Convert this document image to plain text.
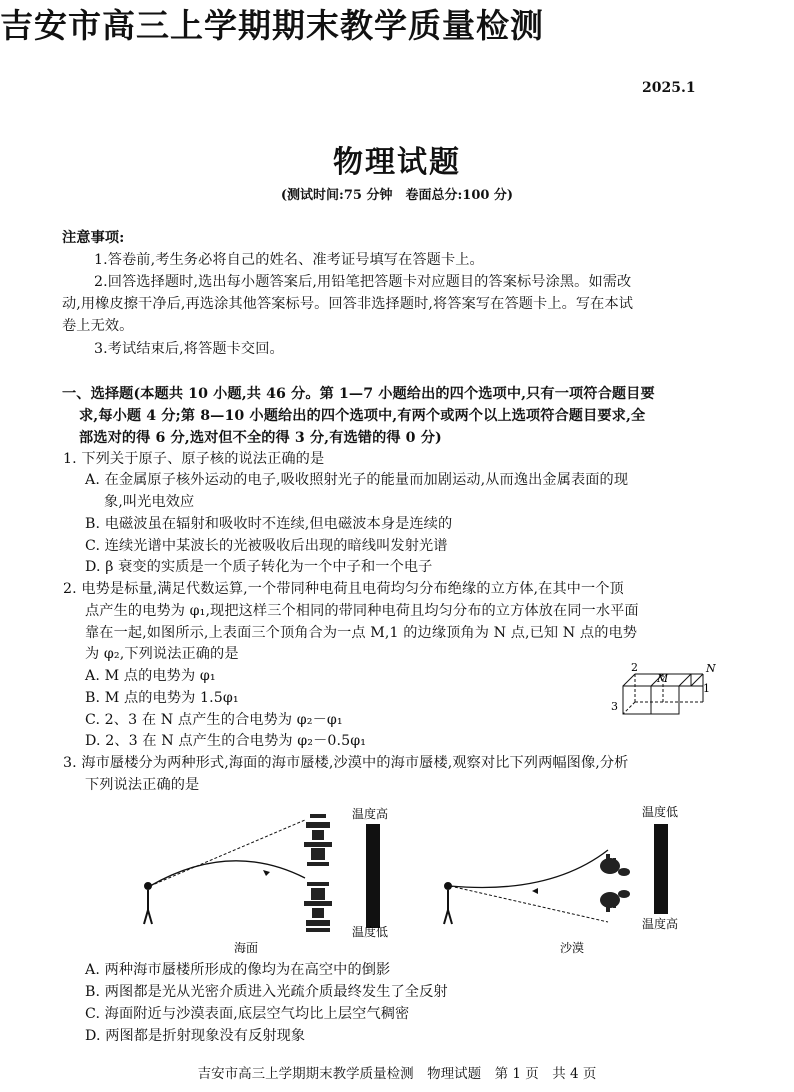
吉安市高三上学期期末教学质量检测
2025.1
物理试题
(测试时间:75 分钟　卷面总分:100 分)
注意事项:
1.答卷前,考生务必将自己的姓名、准考证号填写在答题卡上。
2.回答选择题时,选出每小题答案后,用铅笔把答题卡对应题目的答案标号涂黑。如需改
动,用橡皮擦干净后,再选涂其他答案标号。回答非选择题时,将答案写在答题卡上。写在本试
卷上无效。
3.考试结束后,将答题卡交回。
一、选择题(本题共 10 小题,共 46 分。第 1—7 小题给出的四个选项中,只有一项符合题目要
求,每小题 4 分;第 8—10 小题给出的四个选项中,有两个或两个以上选项符合题目要求,全
部选对的得 6 分,选对但不全的得 3 分,有选错的得 0 分)
1. 下列关于原子、原子核的说法正确的是
A. 在金属原子核外运动的电子,吸收照射光子的能量而加剧运动,从而逸出金属表面的现
象,叫光电效应
B. 电磁波虽在辐射和吸收时不连续,但电磁波本身是连续的
C. 连续光谱中某波长的光被吸收后出现的暗线叫发射光谱
D. β 衰变的实质是一个质子转化为一个中子和一个电子
2. 电势是标量,满足代数运算,一个带同种电荷且电荷均匀分布绝缘的立方体,在其中一个顶
点产生的电势为 φ₁,现把这样三个相同的带同种电荷且均匀分布的立方体放在同一水平面
靠在一起,如图所示,上表面三个顶角合为一点 M,1 的边缘顶角为 N 点,已知 N 点的电势
为 φ₂,下列说法正确的是
A. M 点的电势为 φ₁
B. M 点的电势为 1.5φ₁
C. 2、3 在 N 点产生的合电势为 φ₂－φ₁
D. 2、3 在 N 点产生的合电势为 φ₂－0.5φ₁
2
M
N
1
3
3. 海市蜃楼分为两种形式,海面的海市蜃楼,沙漠中的海市蜃楼,观察对比下列两幅图像,分析
下列说法正确的是
温度高
温度低
海面
温度低
温度高
沙漠
A. 两种海市蜃楼所形成的像均为在高空中的倒影
B. 两图都是光从光密介质进入光疏介质最终发生了全反射
C. 海面附近与沙漠表面,底层空气均比上层空气稠密
D. 两图都是折射现象没有反射现象
吉安市高三上学期期末教学质量检测　物理试题　第 1 页　共 4 页
